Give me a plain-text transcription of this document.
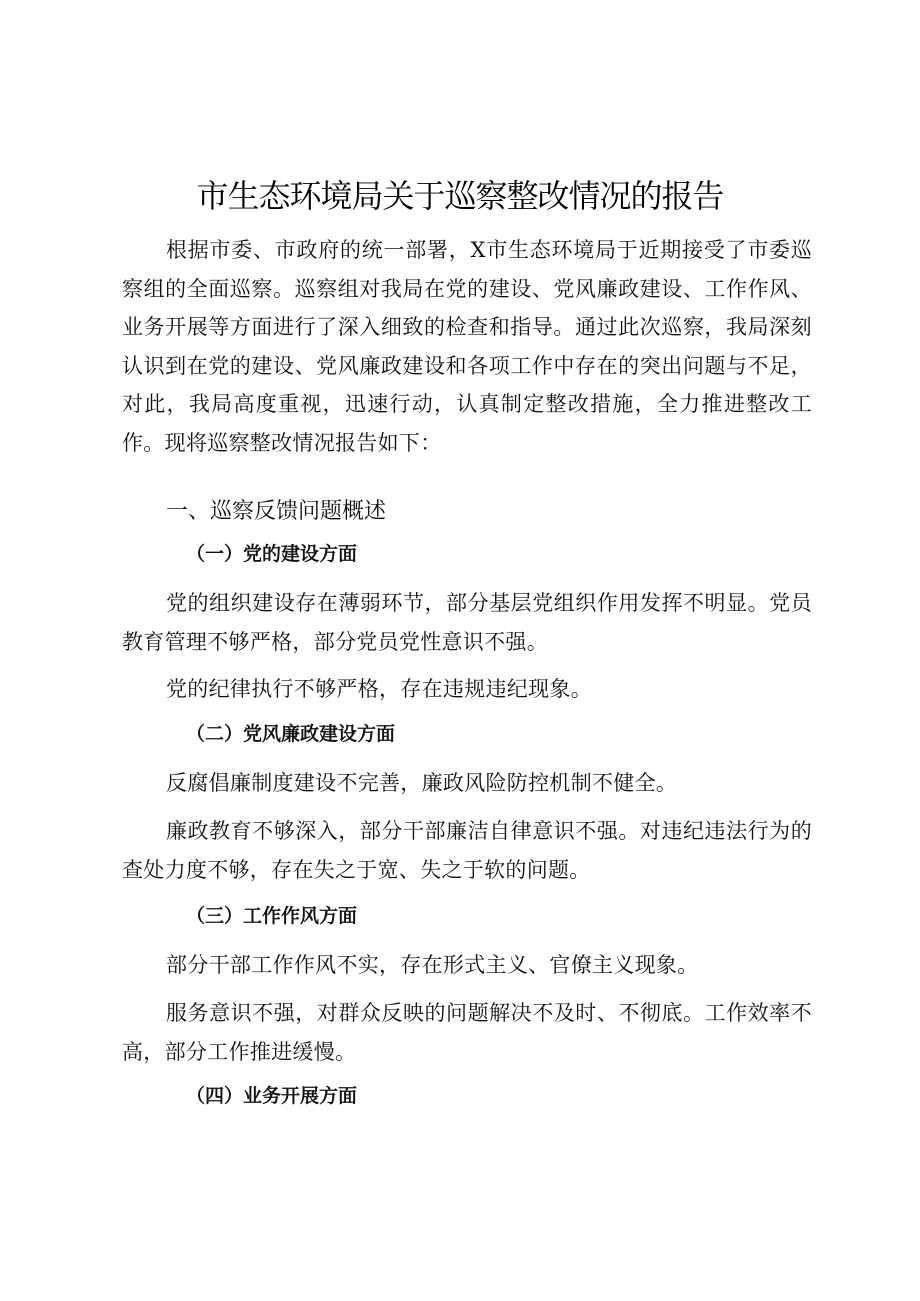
市生态环境局关于巡察整改情况的报告

根据市委、市政府的统一部署，X市生态环境局于近期接受了市委巡察组的全面巡察。巡察组对我局在党的建设、党风廉政建设、工作作风、业务开展等方面进行了深入细致的检查和指导。通过此次巡察，我局深刻认识到在党的建设、党风廉政建设和各项工作中存在的突出问题与不足，对此，我局高度重视，迅速行动，认真制定整改措施，全力推进整改工作。现将巡察整改情况报告如下：

一、巡察反馈问题概述
（一）党的建设方面

党的组织建设存在薄弱环节，部分基层党组织作用发挥不明显。党员教育管理不够严格，部分党员党性意识不强。

党的纪律执行不够严格，存在违规违纪现象。

（二）党风廉政建设方面

反腐倡廉制度建设不完善，廉政风险防控机制不健全。

廉政教育不够深入，部分干部廉洁自律意识不强。对违纪违法行为的查处力度不够，存在失之于宽、失之于软的问题。

（三）工作作风方面

部分干部工作作风不实，存在形式主义、官僚主义现象。

服务意识不强，对群众反映的问题解决不及时、不彻底。工作效率不高，部分工作推进缓慢。

（四）业务开展方面
